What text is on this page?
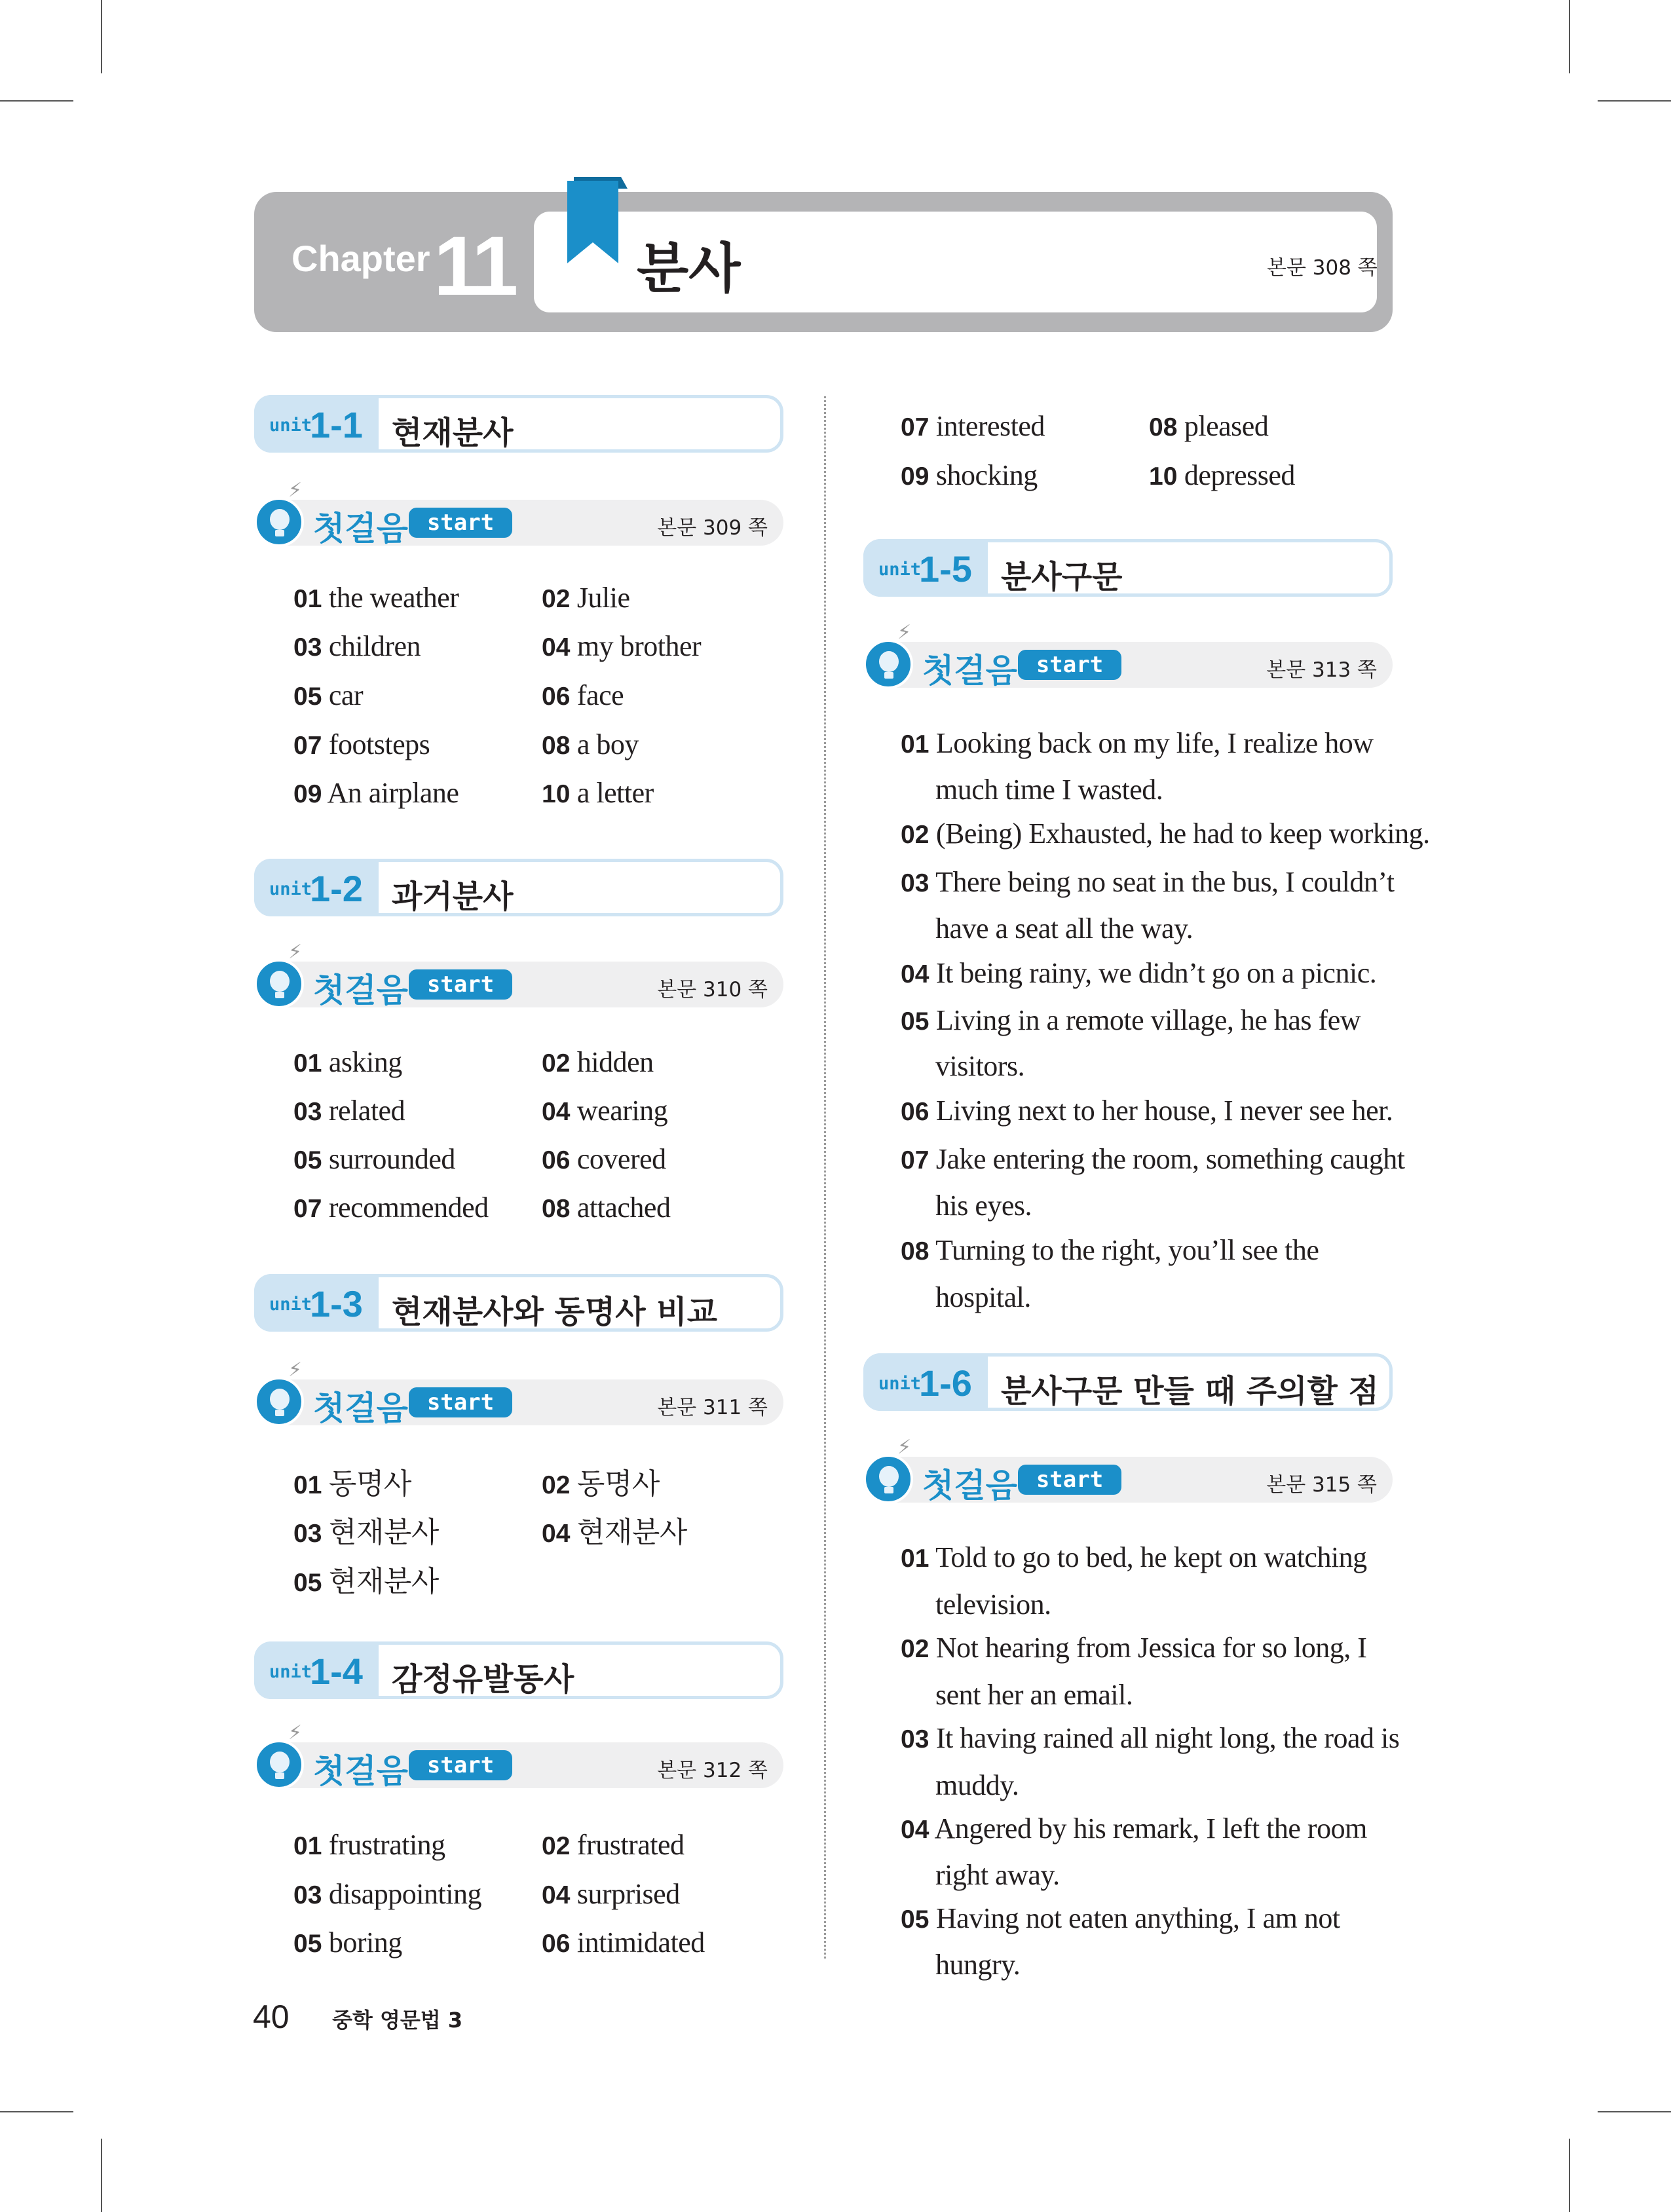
Chapter 11 분사	본문 308 쪽
unit
1-1 현재분사
⚡
첫걸음 start	본문 309 쪽
01 the weather	02 Julie
03 children	04 my brother
05 car	06 face
07 footsteps	08 a boy
09 An airplane	10 a letter
unit
1-2 과거분사
⚡
첫걸음 start	본문 310 쪽
01 asking	02 hidden
03 related	04 wearing
05 surrounded	06 covered
07 recommended 08 attached
unit
1-3 현재분사와 동명사 비교
⚡
첫걸음 start	본문 311 쪽
01 동명사	02 동명사
03 현재분사	04 현재분사
05 현재분사
unit
1-4 감정유발동사
⚡
첫걸음 start	본문 312 쪽
01 frustrating	02 frustrated
03 disappointing 04 surprised
05 boring	06 intimidated
07 interested	08 pleased
09 shocking	10 depressed
unit
1-5 분사구문
⚡
첫걸음 start	본문 313 쪽
01 Looking back on my life, I realize how
much time I wasted.
02 (Being) Exhausted, he had to keep working.
03 There being no seat in the bus, I couldn’t
have a seat all the way.
04 It being rainy, we didn’t go on a picnic.
05 Living in a remote village, he has few
visitors.
06 Living next to her house, I never see her.
07 Jake entering the room, something caught
his eyes.
08 Turning to the right, you’ll see the
hospital.
unit
1-6 분사구문 만들 때 주의할 점
⚡
첫걸음 start	본문 315 쪽
01 Told to go to bed, he kept on watching
television.
02 Not hearing from Jessica for so long, I
sent her an email.
03 It having rained all night long, the road is
muddy.
04 Angered by his remark, I left the room
right away.
05 Having not eaten anything, I am not
hungry.
40 중학 영문법 3
